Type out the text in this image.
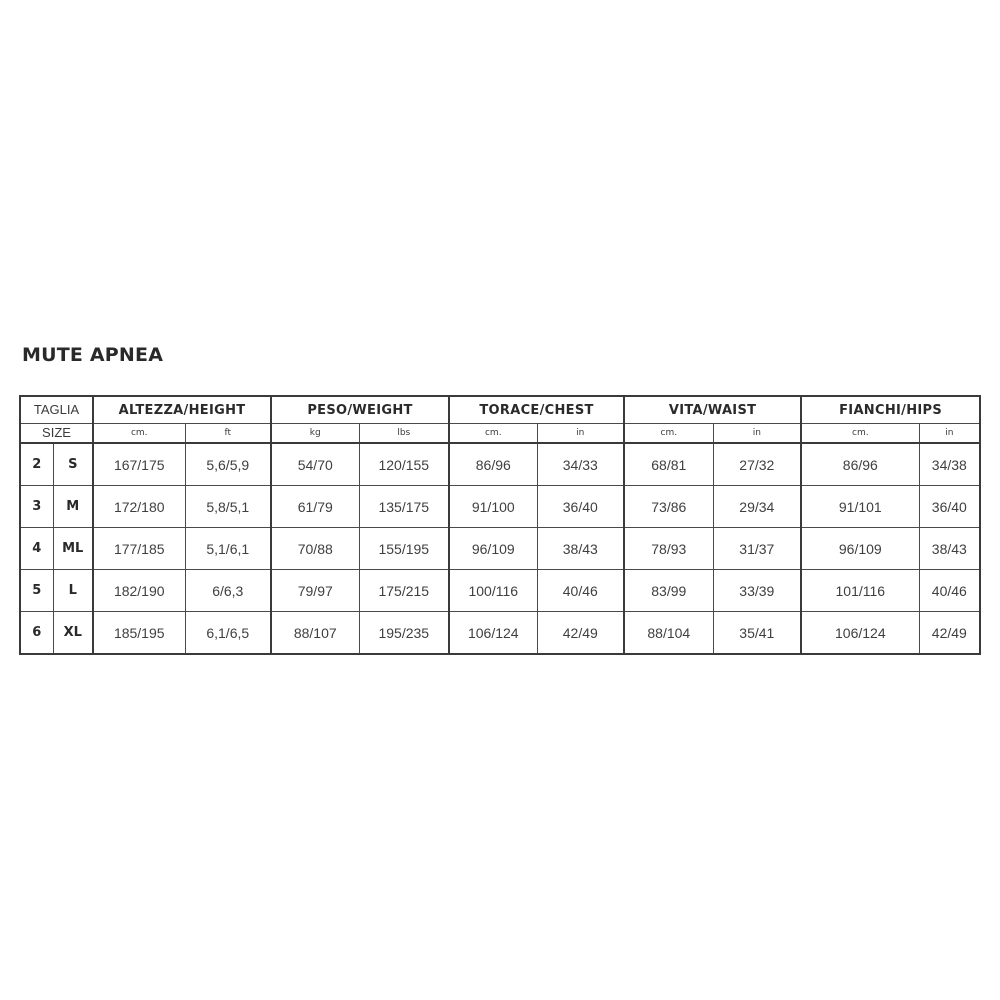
MUTE APNEA
TAGLIA		ALTEZZA/HEIGHT		PESO/WEIGHT		TORACE/CHEST		VITA/WAIST		FIANCHI/HIPS	
SIZE		cm.	ft	kg	lbs	cm.	in	cm.	in	cm.	in
2	S	167/175	5,6/5,9	54/70	120/155	86/96	34/33	68/81	27/32	86/96	34/38
3	M	172/180	5,8/5,1	61/79	135/175	91/100	36/40	73/86	29/34	91/101	36/40
4	ML	177/185	5,1/6,1	70/88	155/195	96/109	38/43	78/93	31/37	96/109	38/43
5	L	182/190	6/6,3	79/97	175/215	100/116	40/46	83/99	33/39	101/116	40/46
6	XL	185/195	6,1/6,5	88/107	195/235	106/124	42/49	88/104	35/41	106/124	42/49
